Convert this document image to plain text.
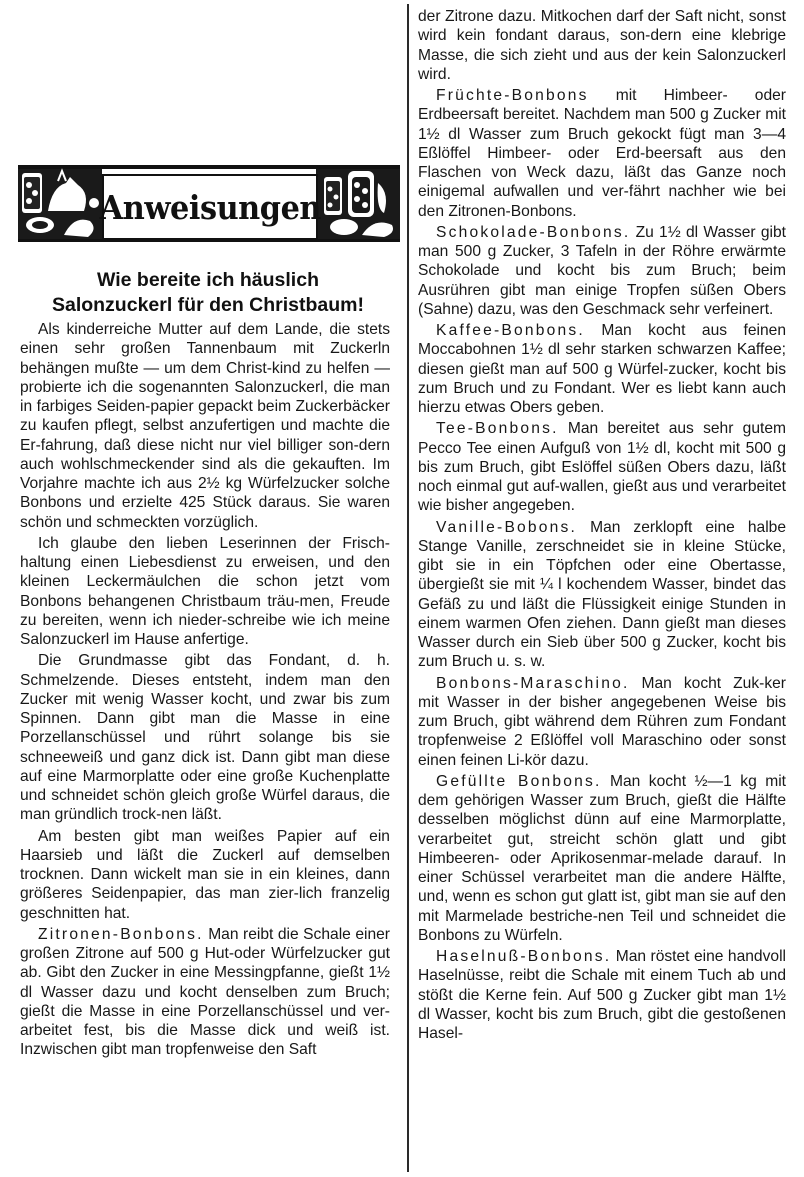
Anweisungen
Wie bereite ich häuslich
Salonzuckerl für den Christbaum!

Als kinderreiche Mutter auf dem Lande, die stets einen sehr großen Tannenbaum mit Zuckerln behängen mußte — um dem Christ-kind zu helfen — probierte ich die sogenannten Salonzuckerl, die man in farbiges Seiden-papier gepackt beim Zuckerbäcker zu kaufen pflegt, selbst anzufertigen und machte die Er-fahrung, daß diese nicht nur viel billiger son-dern auch wohlschmeckender sind als die gekauften. Im Vorjahre machte ich aus 2½ kg Würfelzucker solche Bonbons und erzielte 425 Stück daraus. Sie waren schön und schmeckten vorzüglich.

Ich glaube den lieben Leserinnen der Frisch-haltung einen Liebesdienst zu erweisen, und den kleinen Leckermäulchen die schon jetzt vom Bonbons behangenen Christbaum träu-men, Freude zu bereiten, wenn ich nieder-schreibe wie ich meine Salonzuckerl im Hause anfertige.

Die Grundmasse gibt das Fondant, d. h. Schmelzende. Dieses entsteht, indem man den Zucker mit wenig Wasser kocht, und zwar bis zum Spinnen. Dann gibt man die Masse in eine Porzellanschüssel und rührt solange bis sie schneeweiß und ganz dick ist. Dann gibt man diese auf eine Marmorplatte oder eine große Kuchenplatte und schneidet schön gleich große Würfel daraus, die man gründlich trock-nen läßt.

Am besten gibt man weißes Papier auf ein Haarsieb und läßt die Zuckerl auf demselben trocknen. Dann wickelt man sie in ein kleines, dann größeres Seidenpapier, das man zier-lich franzelig geschnitten hat.

Zitronen-Bonbons. Man reibt die Schale einer großen Zitrone auf 500 g Hut-oder Würfelzucker gut ab. Gibt den Zucker in eine Messingpfanne, gießt 1½ dl Wasser dazu und kocht denselben zum Bruch; gießt die Masse in eine Porzellanschüssel und ver-arbeitet fest, bis die Masse dick und weiß ist. Inzwischen gibt man tropfenweise den Saft

der Zitrone dazu. Mitkochen darf der Saft nicht, sonst wird kein fondant daraus, son-dern eine klebrige Masse, die sich zieht und aus der kein Salonzuckerl wird.

Früchte-Bonbons mit Himbeer- oder Erdbeersaft bereitet. Nachdem man 500 g Zucker mit 1½ dl Wasser zum Bruch gekockt fügt man 3—4 Eßlöffel Himbeer- oder Erd-beersaft aus den Flaschen von Weck dazu, läßt das Ganze noch einigemal aufwallen und ver-fährt nachher wie bei den Zitronen-Bonbons.

Schokolade-Bonbons. Zu 1½ dl Wasser gibt man 500 g Zucker, 3 Tafeln in der Röhre erwärmte Schokolade und kocht bis zum Bruch; beim Ausrühren gibt man einige Tropfen süßen Obers (Sahne) dazu, was den Geschmack sehr verfeinert.

Kaffee-Bonbons. Man kocht aus feinen Moccabohnen 1½ dl sehr starken schwarzen Kaffee; diesen gießt man auf 500 g Würfel-zucker, kocht bis zum Bruch und zu Fondant. Wer es liebt kann auch hierzu etwas Obers geben.

Tee-Bonbons. Man bereitet aus sehr gutem Pecco Tee einen Aufguß von 1½ dl, kocht mit 500 g bis zum Bruch, gibt Eslöffel süßen Obers dazu, läßt noch einmal gut auf-wallen, gießt aus und verarbeitet wie bisher angegeben.

Vanille-Bobons. Man zerklopft eine halbe Stange Vanille, zerschneidet sie in kleine Stücke, gibt sie in ein Töpfchen oder eine Obertasse, übergießt sie mit ¼ l kochendem Wasser, bindet das Gefäß zu und läßt die Flüssigkeit einige Stunden in einem warmen Ofen ziehen. Dann gießt man dieses Wasser durch ein Sieb über 500 g Zucker, kocht bis zum Bruch u. s. w.

Bonbons-Maraschino. Man kocht Zuk-ker mit Wasser in der bisher angegebenen Weise bis zum Bruch, gibt während dem Rühren zum Fondant tropfenweise 2 Eßlöffel voll Maraschino oder sonst einen feinen Li-kör dazu.

Gefüllte Bonbons. Man kocht ½—1 kg mit dem gehörigen Wasser zum Bruch, gießt die Hälfte desselben möglichst dünn auf eine Marmorplatte, verarbeitet gut, streicht schön glatt und gibt Himbeeren- oder Aprikosenmar-melade darauf. In einer Schüssel verarbeitet man die andere Hälfte, und, wenn es schon gut glatt ist, gibt man sie auf den mit Marmelade bestriche-nen Teil und schneidet die Bonbons zu Würfeln.

Haselnuß-Bonbons. Man röstet eine handvoll Haselnüsse, reibt die Schale mit einem Tuch ab und stößt die Kerne fein. Auf 500 g Zucker gibt man 1½ dl Wasser, kocht bis zum Bruch, gibt die gestoßenen Hasel-
